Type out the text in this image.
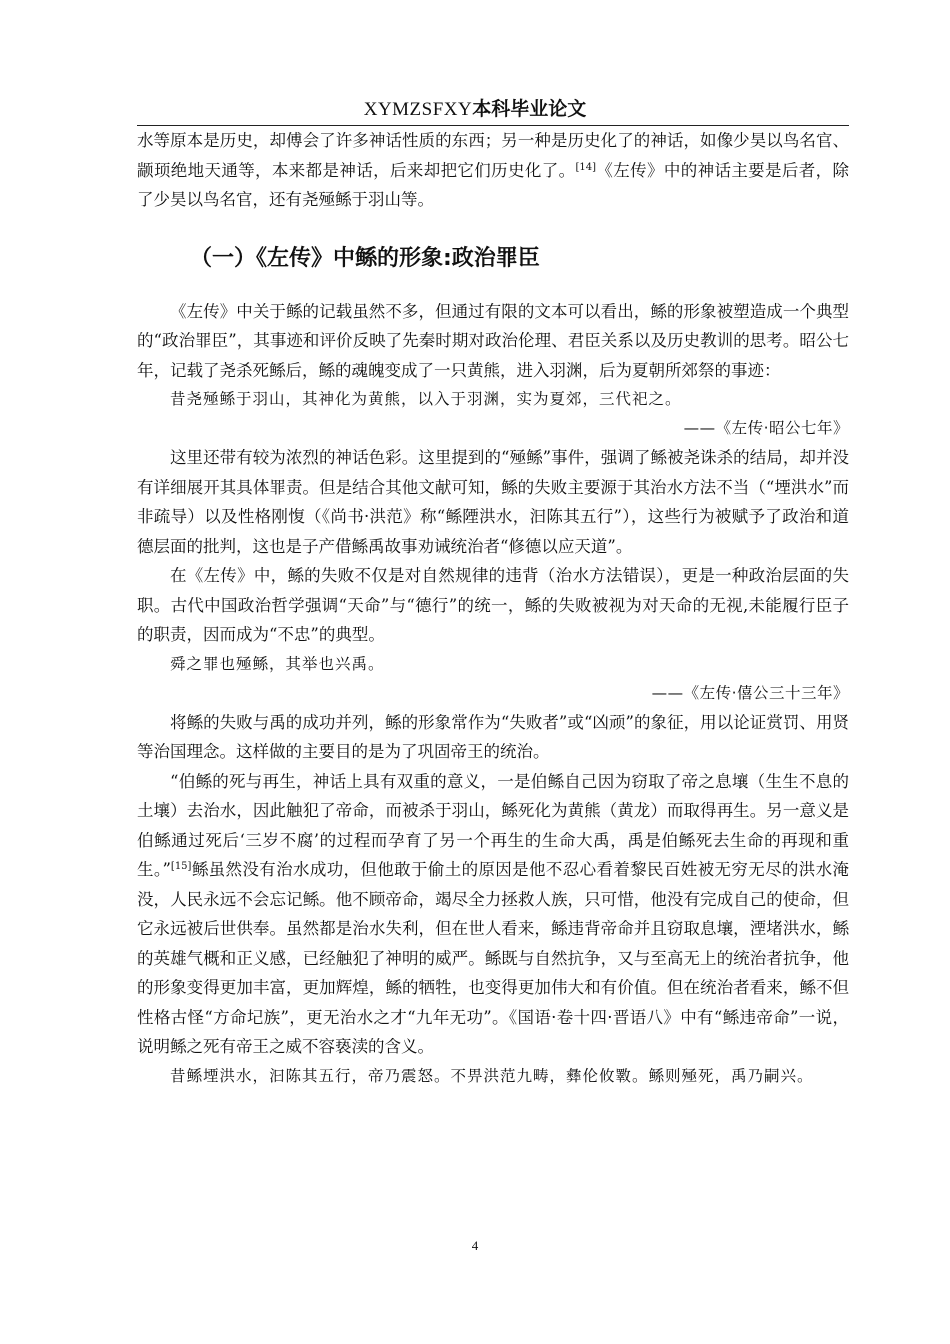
XYMZSFXY本科毕业论文

水等原本是历史，却傅会了许多神话性质的东西；另一种是历史化了的神话，如像少昊以鸟名官、颛顼绝地天通等，本来都是神话，后来却把它们历史化了。[14]《左传》中的神话主要是后者，除了少昊以鸟名官，还有尧殛鲧于羽山等。

（一）《左传》中鲧的形象:政治罪臣

《左传》中关于鲧的记载虽然不多，但通过有限的文本可以看出，鲧的形象被塑造成一个典型的“政治罪臣”，其事迹和评价反映了先秦时期对政治伦理、君臣关系以及历史教训的思考。昭公七年，记载了尧杀死鲧后，鲧的魂魄变成了一只黄熊，进入羽渊，后为夏朝所郊祭的事迹：

昔尧殛鲧于羽山，其神化为黄熊，以入于羽渊，实为夏郊，三代祀之。

——《左传·昭公七年》

这里还带有较为浓烈的神话色彩。这里提到的“殛鲧”事件，强调了鲧被尧诛杀的结局，却并没有详细展开其具体罪责。但是结合其他文献可知，鲧的失败主要源于其治水方法不当（“堙洪水”而非疏导）以及性格刚愎（《尚书·洪范》称“鲧陻洪水，汩陈其五行”），这些行为被赋予了政治和道德层面的批判，这也是子产借鲧禹故事劝诫统治者“修德以应天道”。

在《左传》中，鲧的失败不仅是对自然规律的违背（治水方法错误），更是一种政治层面的失职。古代中国政治哲学强调“天命”与“德行”的统一，鲧的失败被视为对天命的无视,未能履行臣子的职责，因而成为“不忠”的典型。

舜之罪也殛鲧，其举也兴禹。

——《左传·僖公三十三年》

将鲧的失败与禹的成功并列，鲧的形象常作为“失败者”或“凶顽”的象征，用以论证赏罚、用贤等治国理念。这样做的主要目的是为了巩固帝王的统治。

“伯鲧的死与再生，神话上具有双重的意义，一是伯鲧自己因为窃取了帝之息壤（生生不息的土壤）去治水，因此触犯了帝命，而被杀于羽山，鲧死化为黄熊（黄龙）而取得再生。另一意义是伯鲧通过死后‘三岁不腐’的过程而孕育了另一个再生的生命大禹，禹是伯鲧死去生命的再现和重生。”[15]鲧虽然没有治水成功，但他敢于偷土的原因是他不忍心看着黎民百姓被无穷无尽的洪水淹没，人民永远不会忘记鲧。他不顾帝命，竭尽全力拯救人族，只可惜，他没有完成自己的使命，但它永远被后世供奉。虽然都是治水失利，但在世人看来，鲧违背帝命并且窃取息壤，湮堵洪水，鲧的英雄气概和正义感，已经触犯了神明的威严。鲧既与自然抗争，又与至高无上的统治者抗争，他的形象变得更加丰富，更加辉煌，鲧的牺牲，也变得更加伟大和有价值。但在统治者看来，鲧不但性格古怪“方命圮族”，更无治水之才“九年无功”。《国语·卷十四·晋语八》中有“鲧违帝命”一说，说明鲧之死有帝王之威不容亵渎的含义。

昔鲧堙洪水，汩陈其五行，帝乃震怒。不畀洪范九畴，彝伦攸斁。鲧则殛死，禹乃嗣兴。

4
